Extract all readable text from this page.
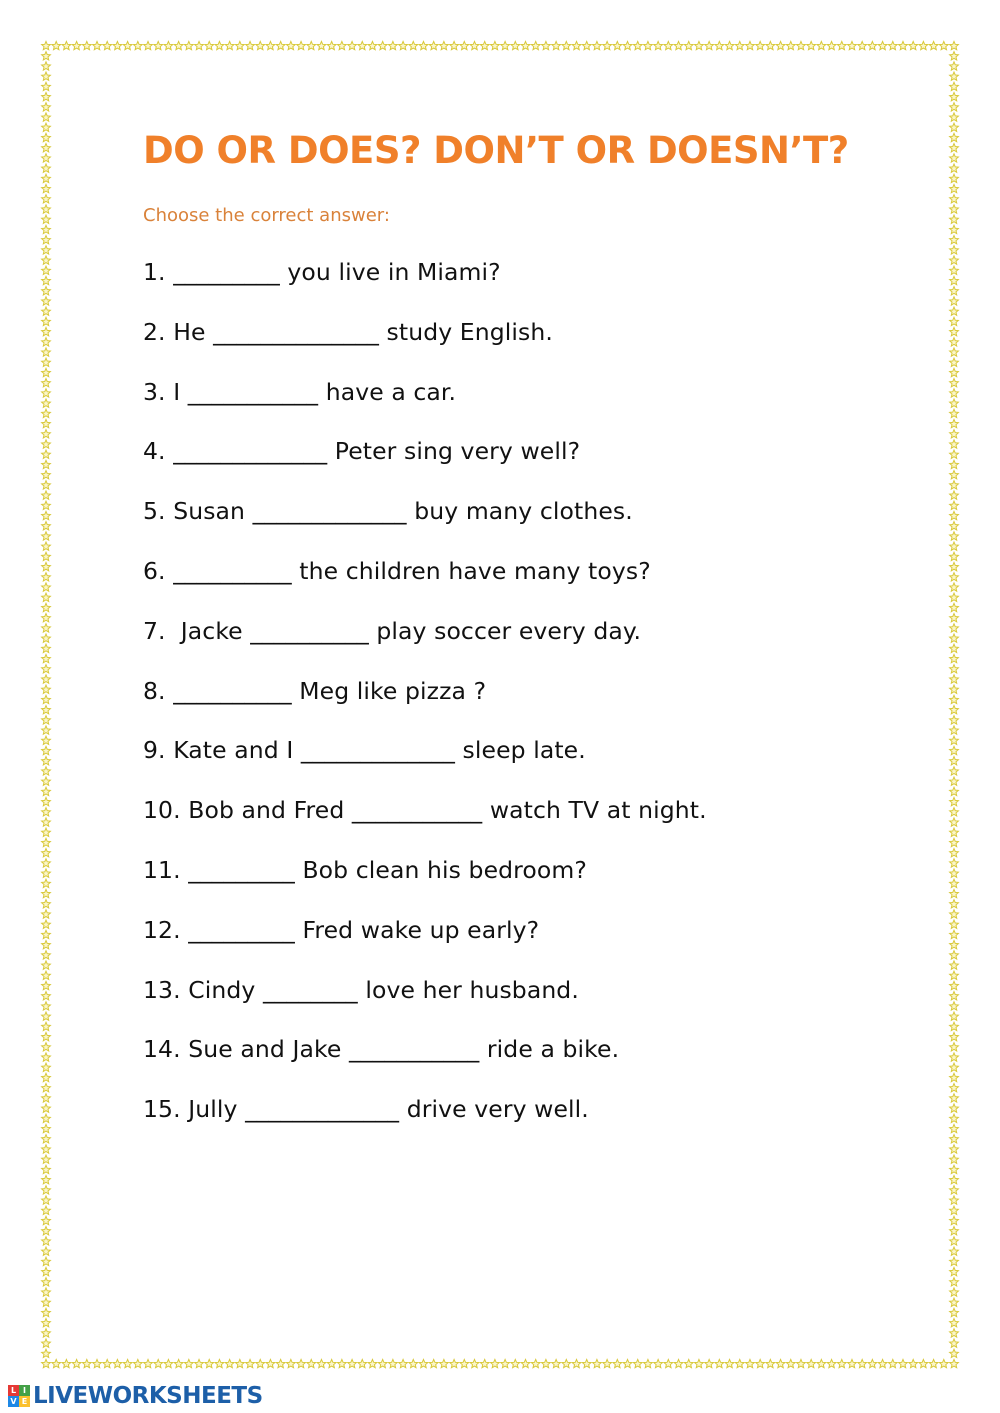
DO OR DOES? DON’T OR DOESN’T?

Choose the correct answer:

1. _________ you live in Miami?
2. He ______________ study English.
3. I ___________ have a car.
4. _____________ Peter sing very well?
5. Susan _____________ buy many clothes.
6. __________ the children have many toys?
7.  Jacke __________ play soccer every day.
8. __________ Meg like pizza ?
9. Kate and I _____________ sleep late.
10. Bob and Fred ___________ watch TV at night.
11. _________ Bob clean his bedroom?
12. _________ Fred wake up early?
13. Cindy ________ love her husband.
14. Sue and Jake ___________ ride a bike.
15. Jully _____________ drive very well.
L I
V E LIVEWORKSHEETS
